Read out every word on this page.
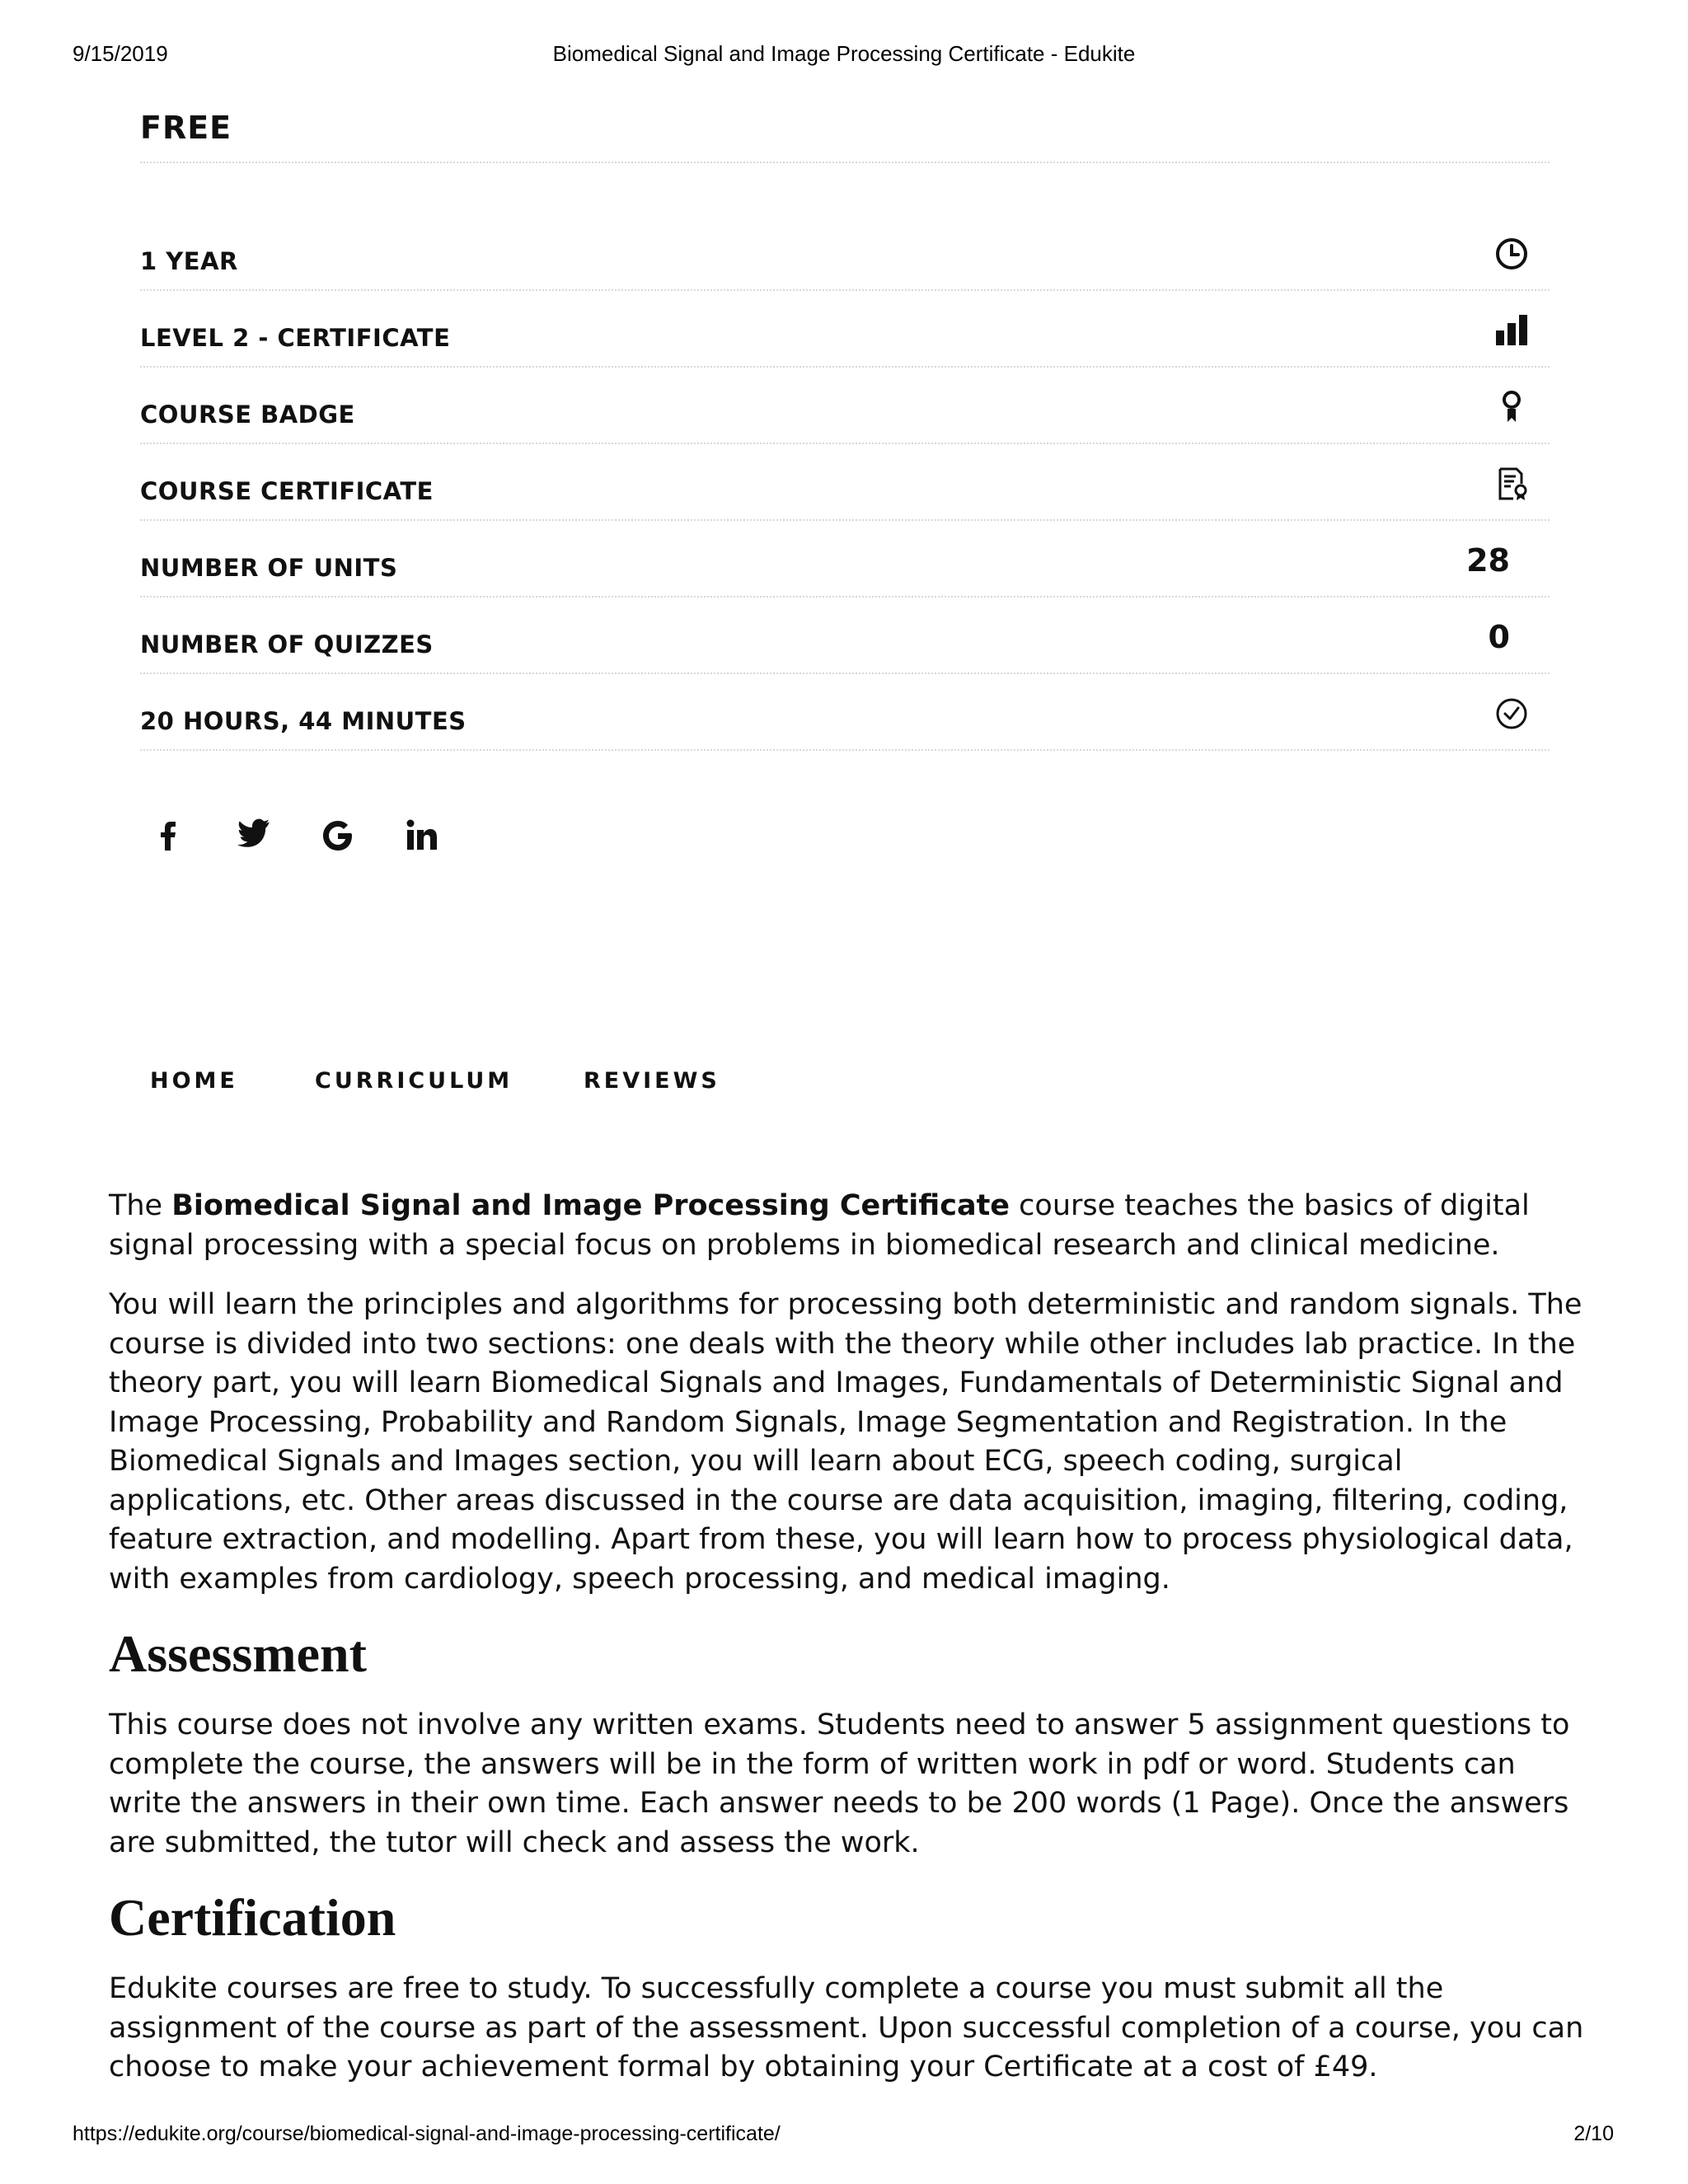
9/15/2019	Biomedical Signal and Image Processing Certificate - Edukite
FREE
1 YEAR
LEVEL 2 - CERTIFICATE
COURSE BADGE
COURSE CERTIFICATE
NUMBER OF UNITS	28
NUMBER OF QUIZZES	0
20 HOURS, 44 MINUTES
HOME	CURRICULUM	REVIEWS

The Biomedical Signal and Image Processing Certificate course teaches the basics of digital signal processing with a special focus on problems in biomedical research and clinical medicine.

You will learn the principles and algorithms for processing both deterministic and random signals. The course is divided into two sections: one deals with the theory while other includes lab practice. In the theory part, you will learn Biomedical Signals and Images, Fundamentals of Deterministic Signal and Image Processing, Probability and Random Signals, Image Segmentation and Registration. In the Biomedical Signals and Images section, you will learn about ECG, speech coding, surgical applications, etc. Other areas discussed in the course are data acquisition, imaging, filtering, coding, feature extraction, and modelling. Apart from these, you will learn how to process physiological data, with examples from cardiology, speech processing, and medical imaging.

Assessment

This course does not involve any written exams. Students need to answer 5 assignment questions to complete the course, the answers will be in the form of written work in pdf or word. Students can write the answers in their own time. Each answer needs to be 200 words (1 Page). Once the answers are submitted, the tutor will check and assess the work.

Certification

Edukite courses are free to study. To successfully complete a course you must submit all the assignment of the course as part of the assessment. Upon successful completion of a course, you can choose to make your achievement formal by obtaining your Certificate at a cost of £49.

https://edukite.org/course/biomedical-signal-and-image-processing-certificate/	2/10
